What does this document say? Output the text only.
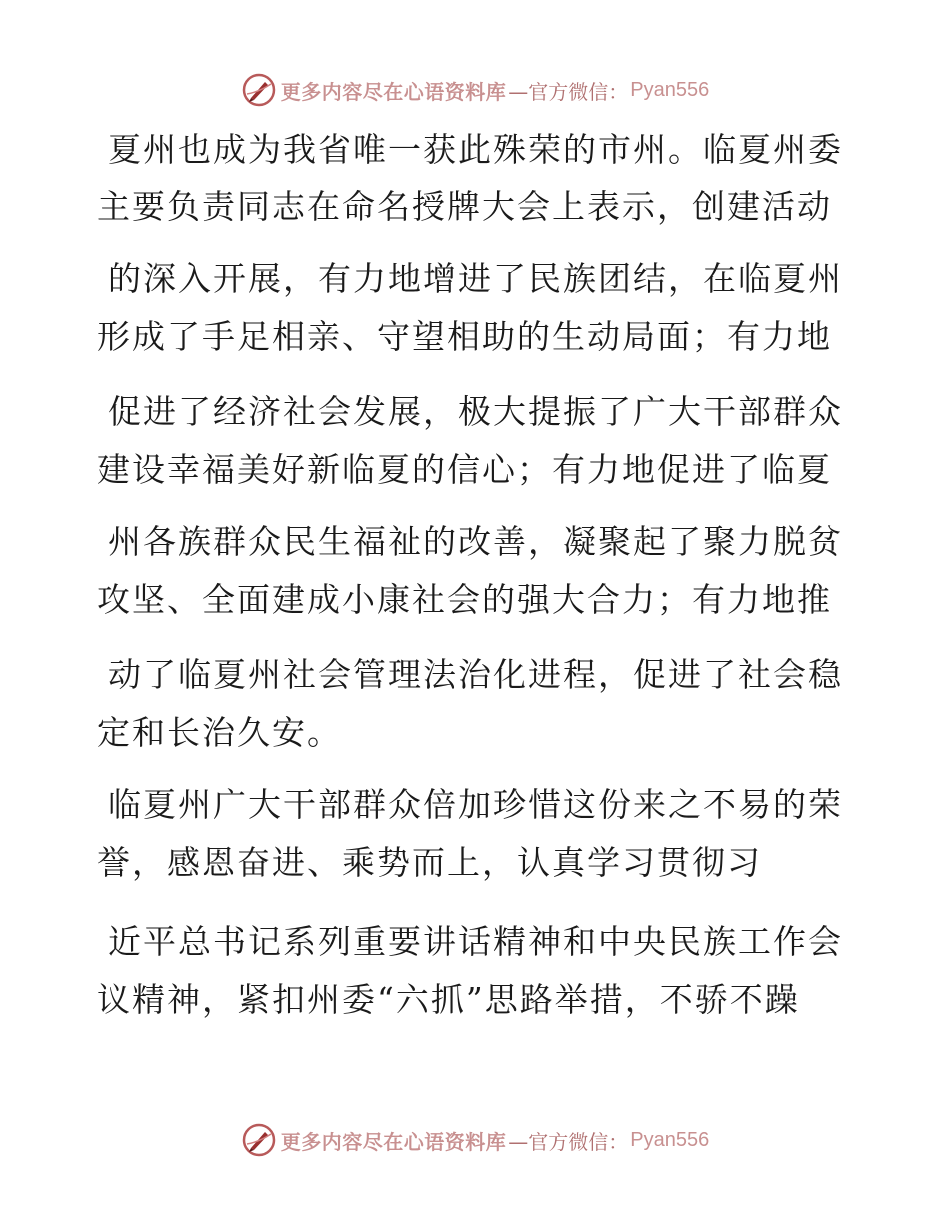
更多内容尽在心语资料库 —官方微信： Pyan556
夏州也成为我省唯一获此殊荣的市州。临夏州委
主要负责同志在命名授牌大会上表示，创建活动
的深入开展，有力地增进了民族团结，在临夏州
形成了手足相亲、守望相助的生动局面；有力地
促进了经济社会发展，极大提振了广大干部群众
建设幸福美好新临夏的信心；有力地促进了临夏
州各族群众民生福祉的改善，凝聚起了聚力脱贫
攻坚、全面建成小康社会的强大合力；有力地推
动了临夏州社会管理法治化进程，促进了社会稳
定和长治久安。
临夏州广大干部群众倍加珍惜这份来之不易的荣
誉，感恩奋进、乘势而上，认真学习贯彻习
近平总书记系列重要讲话精神和中央民族工作会
议精神，紧扣州委“六抓”思路举措，不骄不躁
更多内容尽在心语资料库 —官方微信： Pyan556
